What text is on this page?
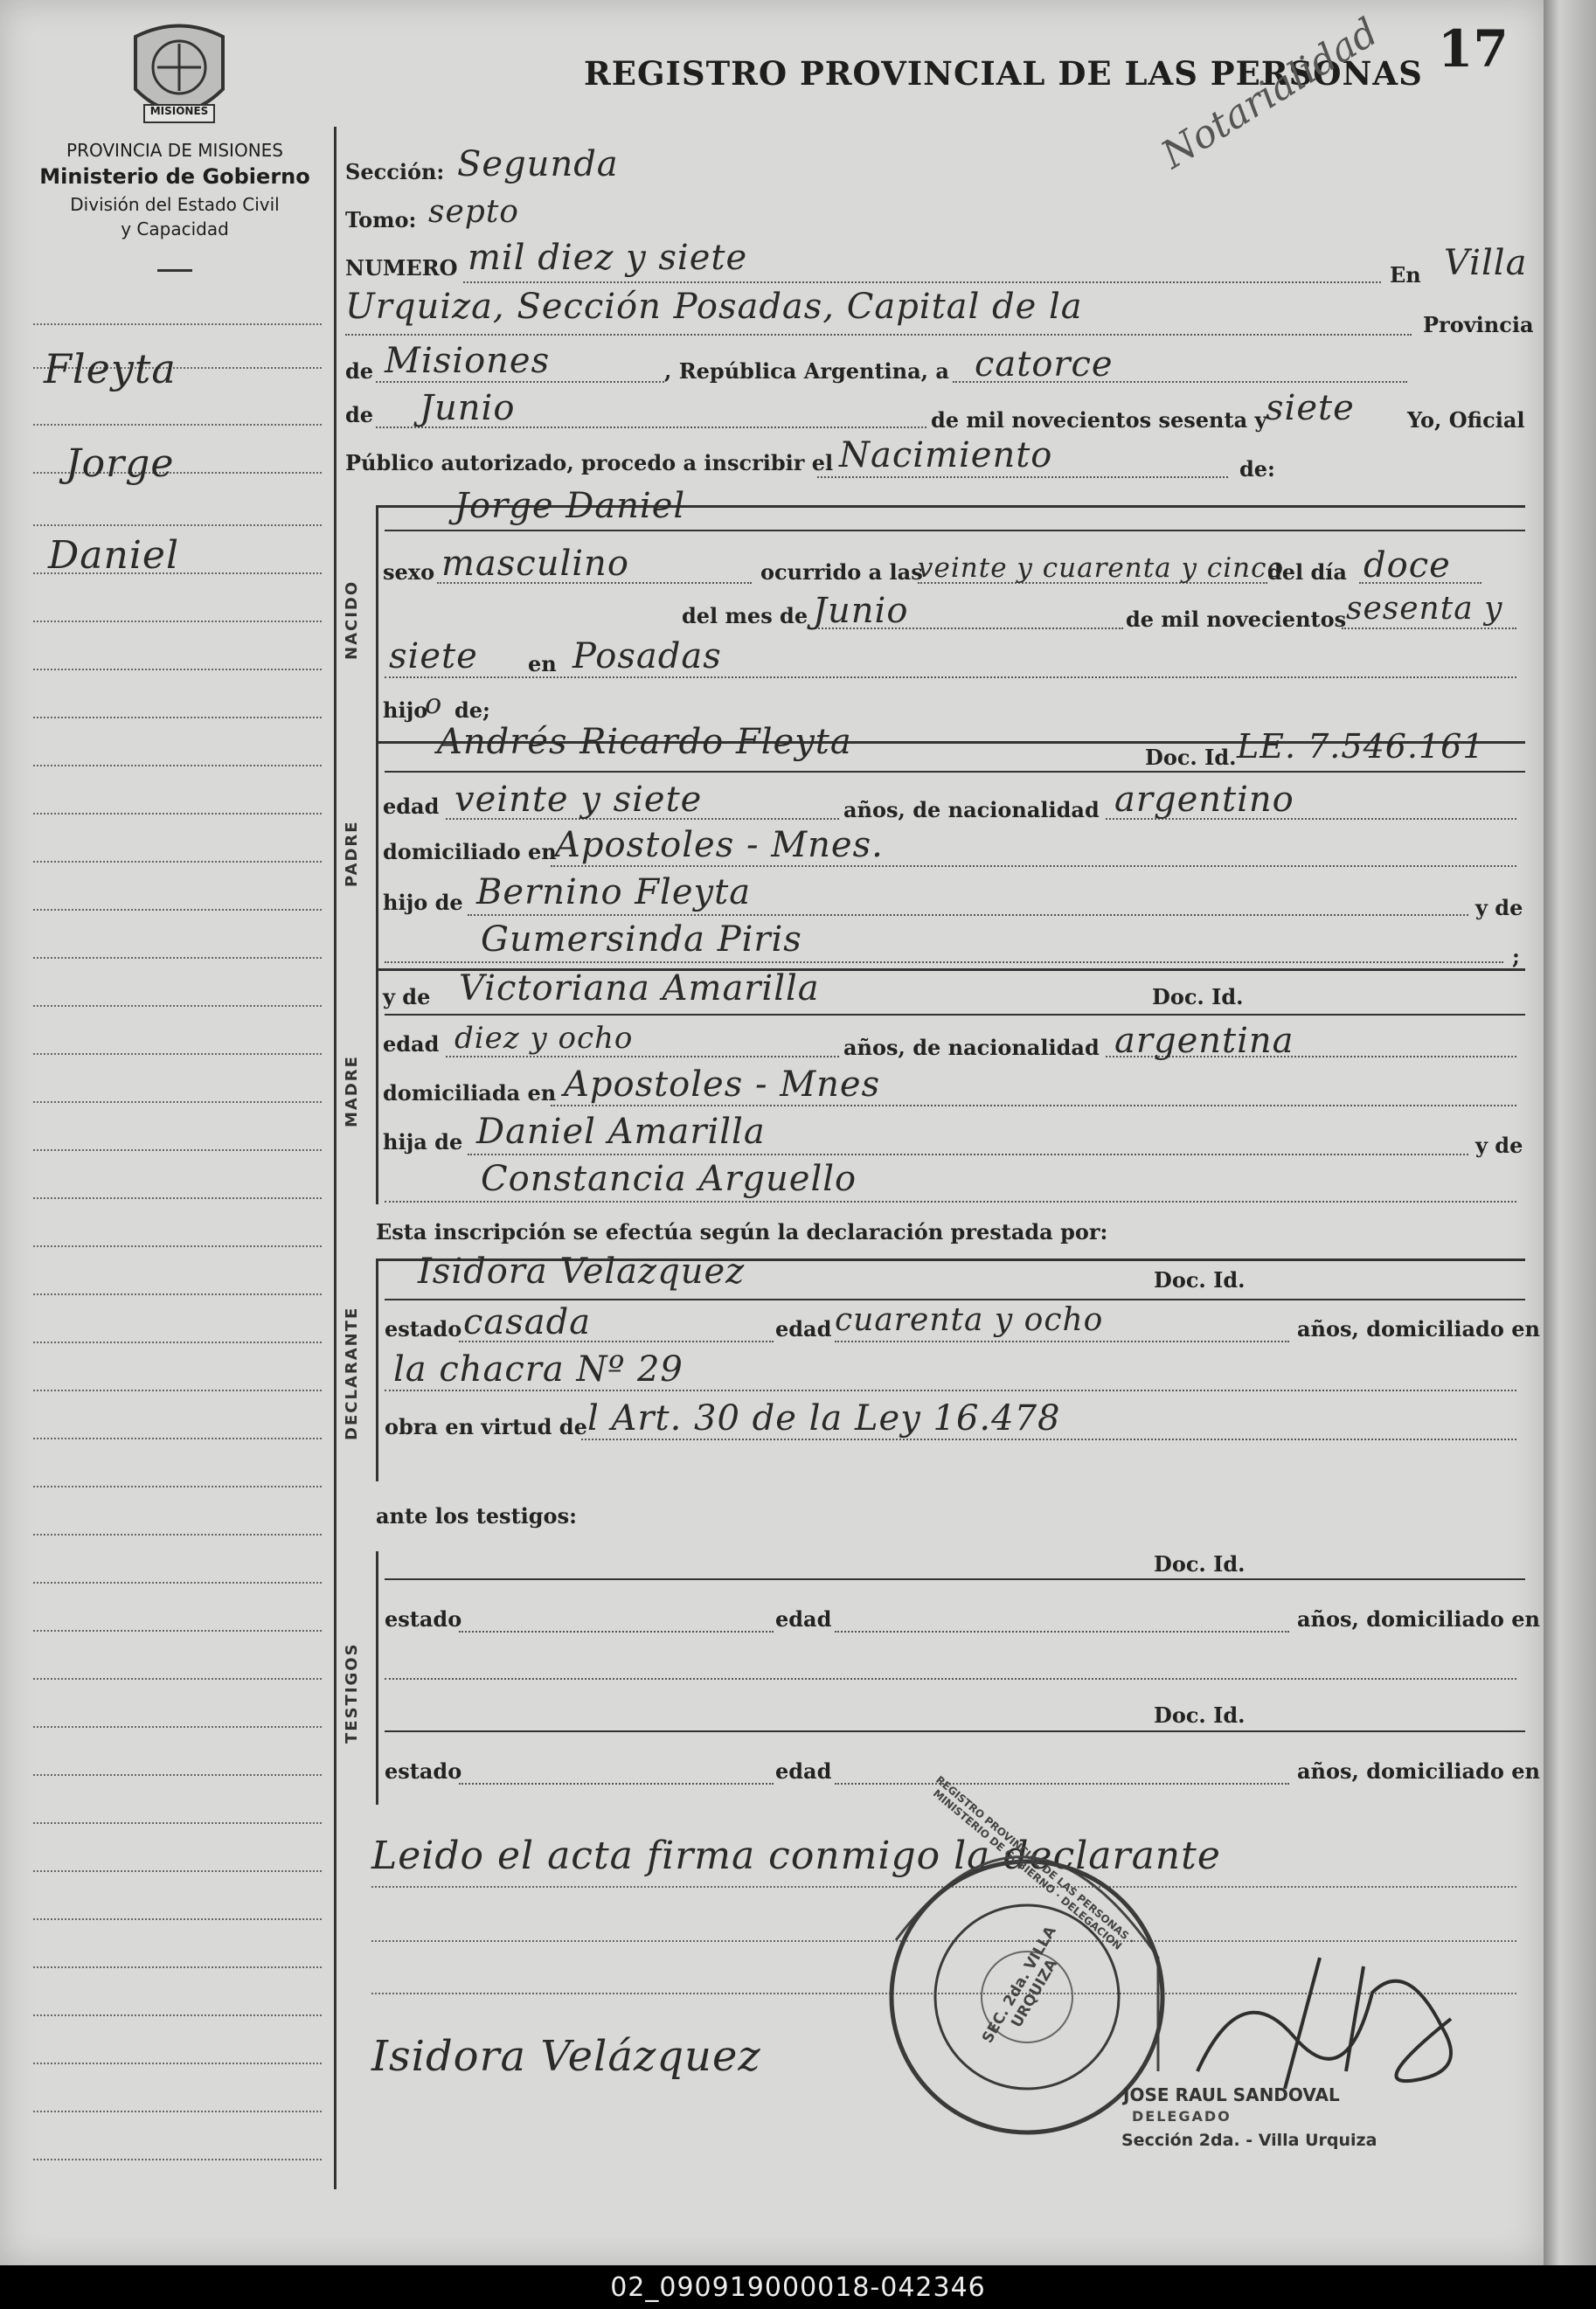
MISIONES
PROVINCIA DE MISIONES
Ministerio de Gobierno
División del Estado Civil
y Capacidad
REGISTRO PROVINCIAL DE LAS PERSONAS 17
Notarialidad
Fleyta
Jorge
Daniel
Sección: Segunda
Tomo: septo
NUMERO mil diez y siete	En Villa
Urquiza, Sección Posadas, Capital de la	Provincia
de Misiones	, República Argentina, a catorce
de Junio	de mil novecientos sesenta y
siete	Yo, Oficial
Público autorizado, procedo a inscribir el Nacimiento	de:
NACIDO
Jorge Daniel
sexo masculino	ocurrido a las
veinte y cuarenta y cinco
del día doce
del mes de Junio	de mil novecientos sesenta y
siete en Posadas
hijo
o de;
PADRE
Andrés Ricardo Fleyta	Doc. Id. LE. 7.546.161
edad veinte y siete	años, de nacionalidad argentino
domiciliado en
Apostoles - Mnes.
hijo de Bernino Fleyta	y de
Gumersinda Piris	;
MADRE
y de Victoriana Amarilla	Doc. Id.
edad diez y ocho	años, de nacionalidad argentina
domiciliada en Apostoles - Mnes
hija de Daniel Amarilla	y de
Constancia Arguello
Esta inscripción se efectúa según la declaración prestada por:
DECLARANTE
Isidora Velazquez	Doc. Id.
estado casada	edad cuarenta y ocho	años, domiciliado en
la chacra Nº 29
obra en virtud de l Art. 30 de la Ley 16.478
ante los testigos:
TESTIGOS
Doc. Id.
estado	edad	años, domiciliado en
Doc. Id.
estado	edad	años, domiciliado en
Leido el acta firma conmigo la declarante
Isidora Velázquez
SEC. 2da. VILLA URQUIZA
REGISTRO PROVINCIAL DE LAS PERSONAS · MINISTERIO DE GOBIERNO · DELEGACION
JOSE RAUL SANDOVAL
DELEGADO
Sección 2da. - Villa Urquiza
02_090919000018-042346
